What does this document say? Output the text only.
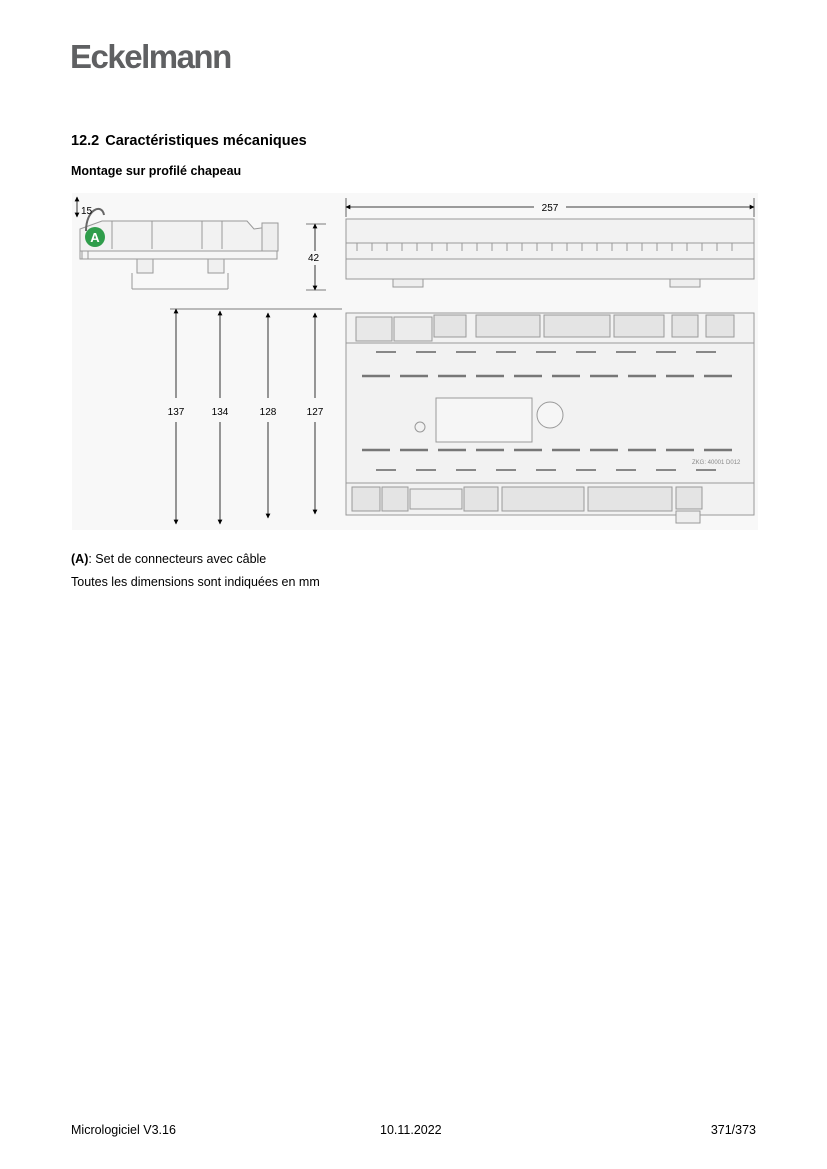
Eckelmann
12.2 Caractéristiques mécaniques
Montage sur profilé chapeau
15
A
42
257
137	134	128	127
ZKG: 40001 D012
(A): Set de connecteurs avec câble
Toutes les dimensions sont indiquées en mm
Micrologiciel V3.16	10.11.2022	371/373
